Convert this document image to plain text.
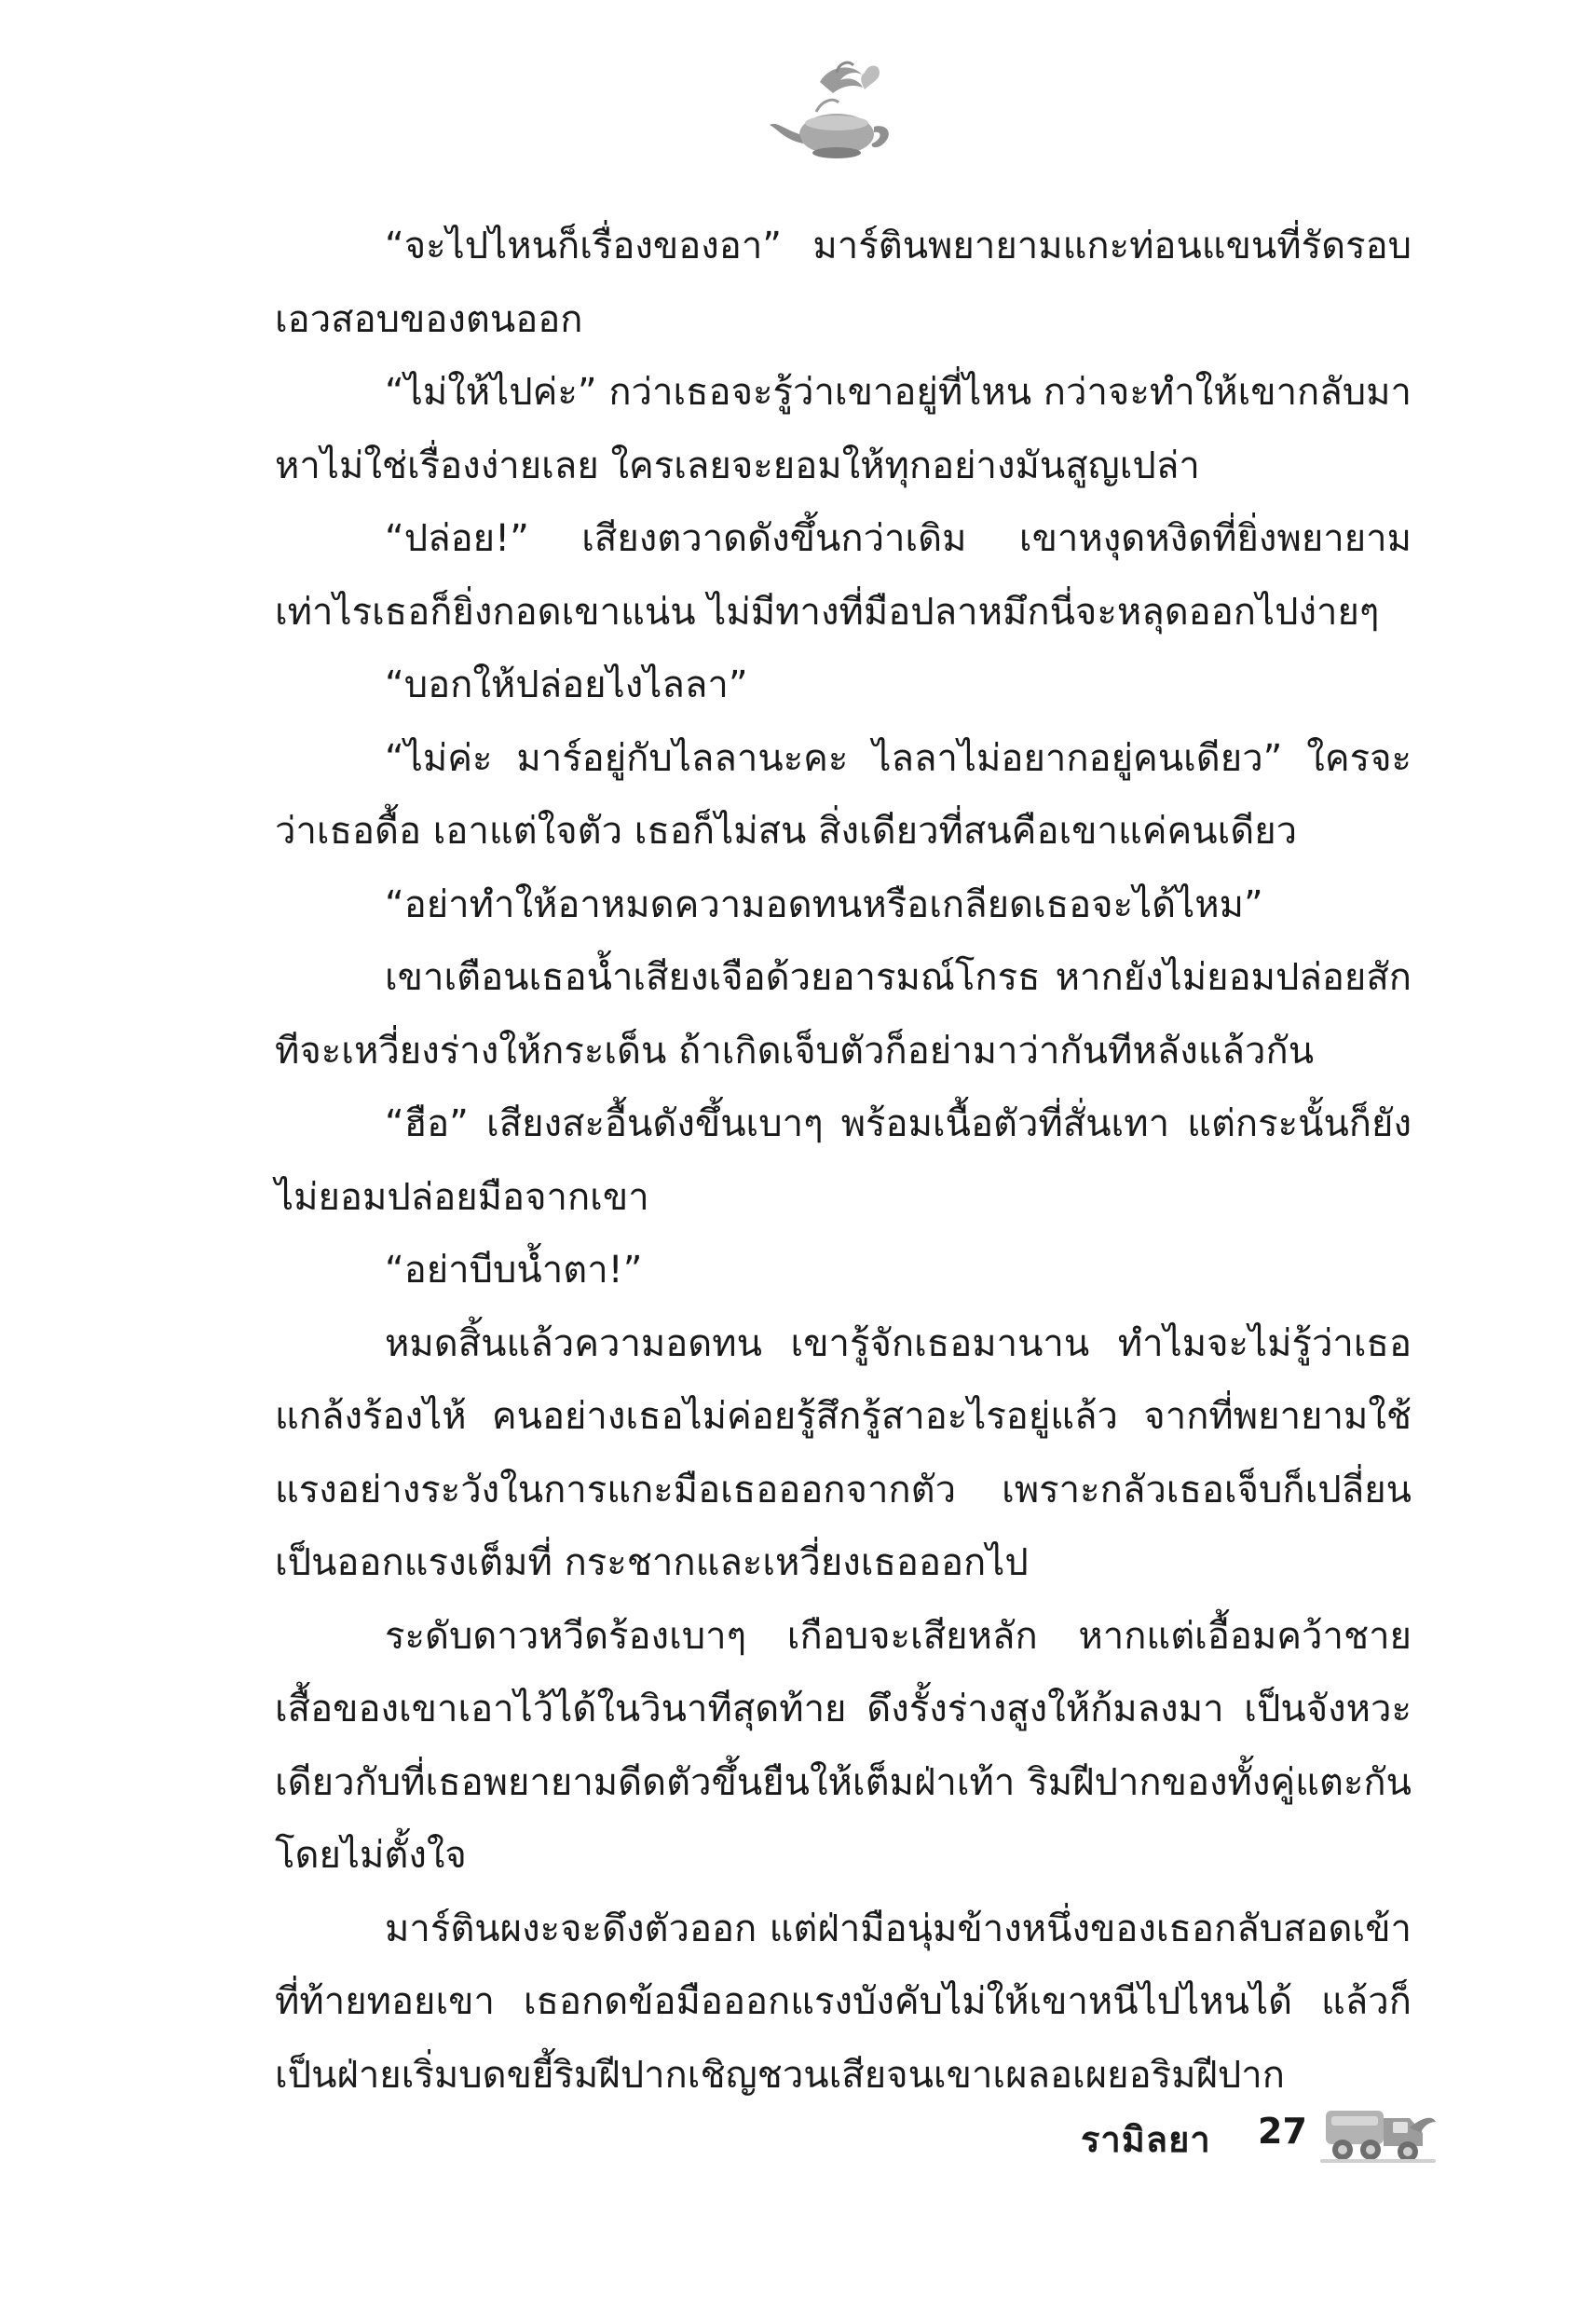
“จะไปไหนก็เรื่องของอา” มาร์ตินพยายามแกะท่อนแขนที่รัดรอบเอวสอบของตนออก

“ไม่ให้ไปค่ะ” กว่าเธอจะรู้ว่าเขาอยู่ที่ไหน กว่าจะทำให้เขากลับมาหาไม่ใช่เรื่องง่ายเลย ใครเลยจะยอมให้ทุกอย่างมันสูญเปล่า

“ปล่อย!” เสียงตวาดดังขึ้นกว่าเดิม เขาหงุดหงิดที่ยิ่งพยายามเท่าไรเธอก็ยิ่งกอดเขาแน่น ไม่มีทางที่มือปลาหมึกนี่จะหลุดออกไปง่ายๆ

“บอกให้ปล่อยไงไลลา”

“ไม่ค่ะ มาร์อยู่กับไลลานะคะ ไลลาไม่อยากอยู่คนเดียว” ใครจะว่าเธอดื้อ เอาแต่ใจตัว เธอก็ไม่สน สิ่งเดียวที่สนคือเขาแค่คนเดียว

“อย่าทำให้อาหมดความอดทนหรือเกลียดเธอจะได้ไหม”

เขาเตือนเธอน้ำเสียงเจือด้วยอารมณ์โกรธ หากยังไม่ยอมปล่อยสักทีจะเหวี่ยงร่างให้กระเด็น ถ้าเกิดเจ็บตัวก็อย่ามาว่ากันทีหลังแล้วกัน

“ฮือ” เสียงสะอื้นดังขึ้นเบาๆ พร้อมเนื้อตัวที่สั่นเทา แต่กระนั้นก็ยังไม่ยอมปล่อยมือจากเขา

“อย่าบีบน้ำตา!”

หมดสิ้นแล้วความอดทน เขารู้จักเธอมานาน ทำไมจะไม่รู้ว่าเธอแกล้งร้องไห้ คนอย่างเธอไม่ค่อยรู้สึกรู้สาอะไรอยู่แล้ว จากที่พยายามใช้แรงอย่างระวังในการแกะมือเธอออกจากตัว เพราะกลัวเธอเจ็บก็เปลี่ยนเป็นออกแรงเต็มที่ กระชากและเหวี่ยงเธอออกไป

ระดับดาวหวีดร้องเบาๆ เกือบจะเสียหลัก หากแต่เอื้อมคว้าชายเสื้อของเขาเอาไว้ได้ในวินาทีสุดท้าย ดึงรั้งร่างสูงให้ก้มลงมา เป็นจังหวะเดียวกับที่เธอพยายามดีดตัวขึ้นยืนให้เต็มฝ่าเท้า ริมฝีปากของทั้งคู่แตะกันโดยไม่ตั้งใจ

มาร์ตินผงะจะดึงตัวออก แต่ฝ่ามือนุ่มข้างหนึ่งของเธอกลับสอดเข้าที่ท้ายทอยเขา เธอกดข้อมือออกแรงบังคับไม่ให้เขาหนีไปไหนได้ แล้วก็เป็นฝ่ายเริ่มบดขยี้ริมฝีปากเชิญชวนเสียจนเขาเผลอเผยอริมฝีปาก

รามิลยา 27
